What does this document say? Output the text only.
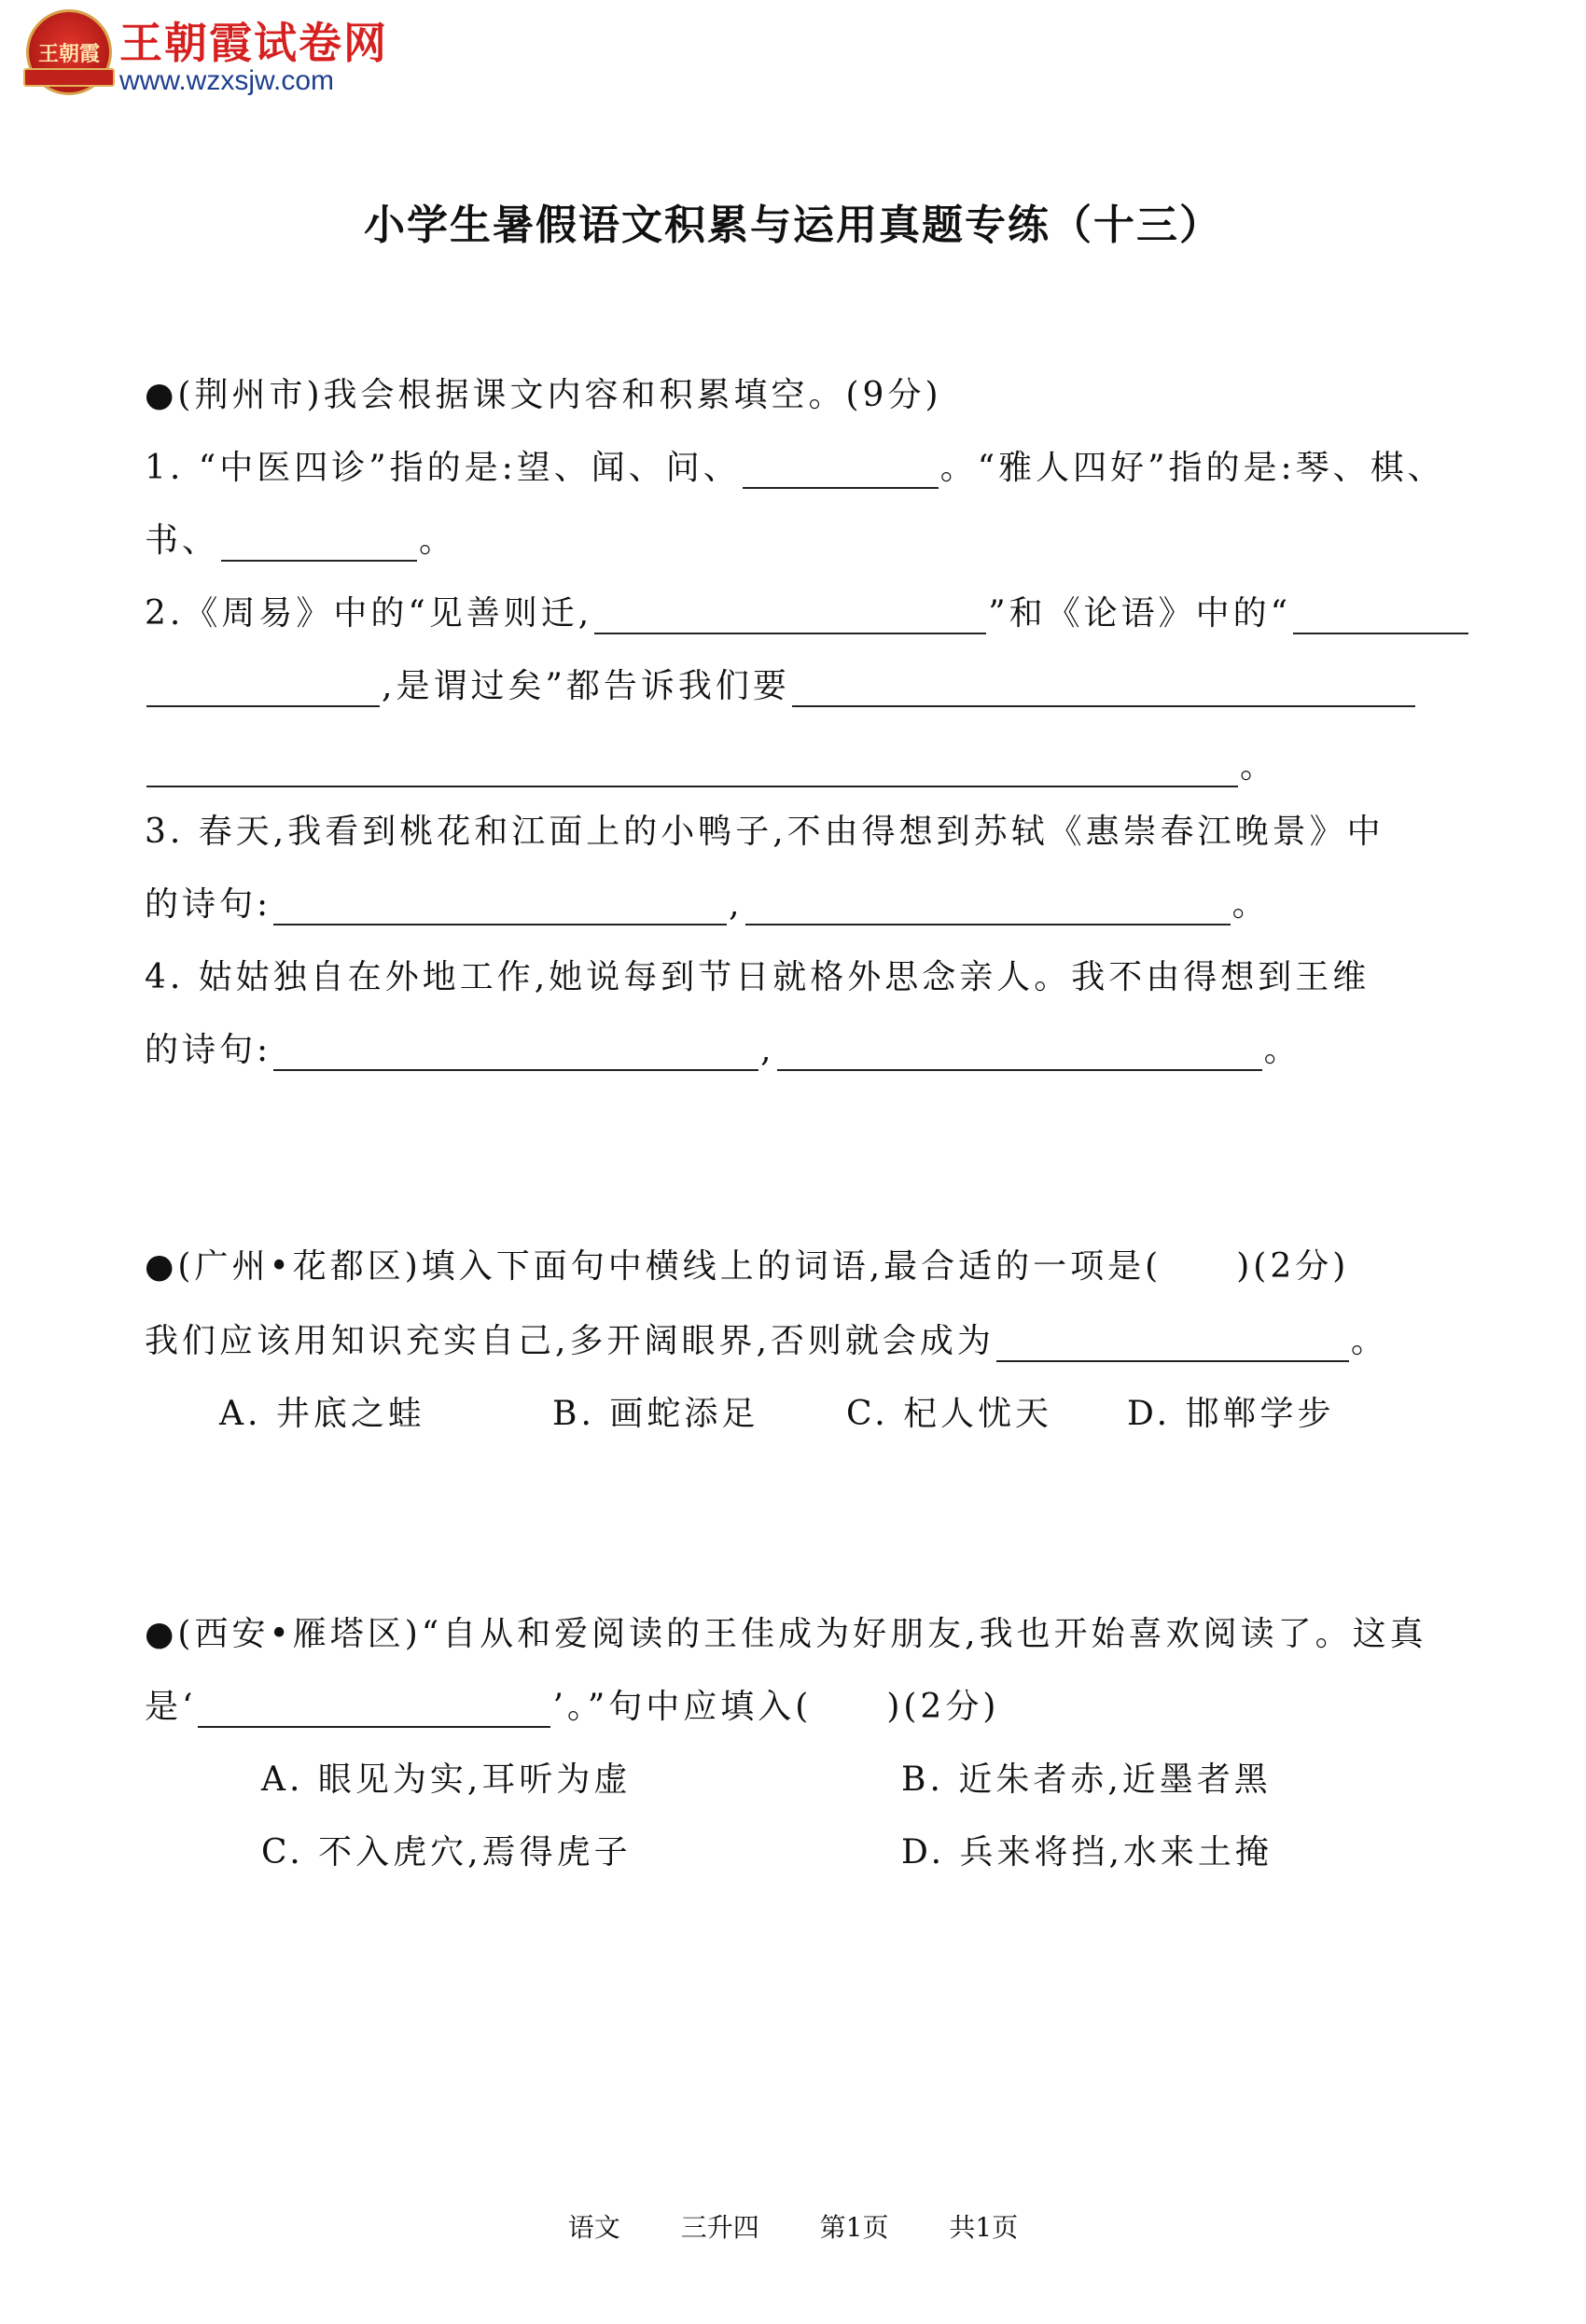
王朝霞 王朝霞试卷网
www.wzxsjw.com
小学生暑假语文积累与运用真题专练（十三）
●(荆州市)我会根据课文内容和积累填空。(9分)
1. “中医四诊”指的是:望、闻、问、	。“雅人四好”指的是:琴、棋、
书、	。
2.《周易》中的“见善则迁,	”和《论语》中的“
,是谓过矣”都告诉我们要
。
3. 春天,我看到桃花和江面上的小鸭子,不由得想到苏轼《惠崇春江晚景》中
的诗句:	,	。
4. 姑姑独自在外地工作,她说每到节日就格外思念亲人。我不由得想到王维
的诗句:	,	。
●(广州•花都区)填入下面句中横线上的词语,最合适的一项是(　　)(2分)
我们应该用知识充实自己,多开阔眼界,否则就会成为	。
A. 井底之蛙	B. 画蛇添足	C. 杞人忧天 D. 邯郸学步
●(西安•雁塔区)“自从和爱阅读的王佳成为好朋友,我也开始喜欢阅读了。这真
是‘	’。”句中应填入(　　)(2分)
A. 眼见为实,耳听为虚	B. 近朱者赤,近墨者黑
C. 不入虎穴,焉得虎子	D. 兵来将挡,水来土掩
语文 三升四 第1页 共1页
